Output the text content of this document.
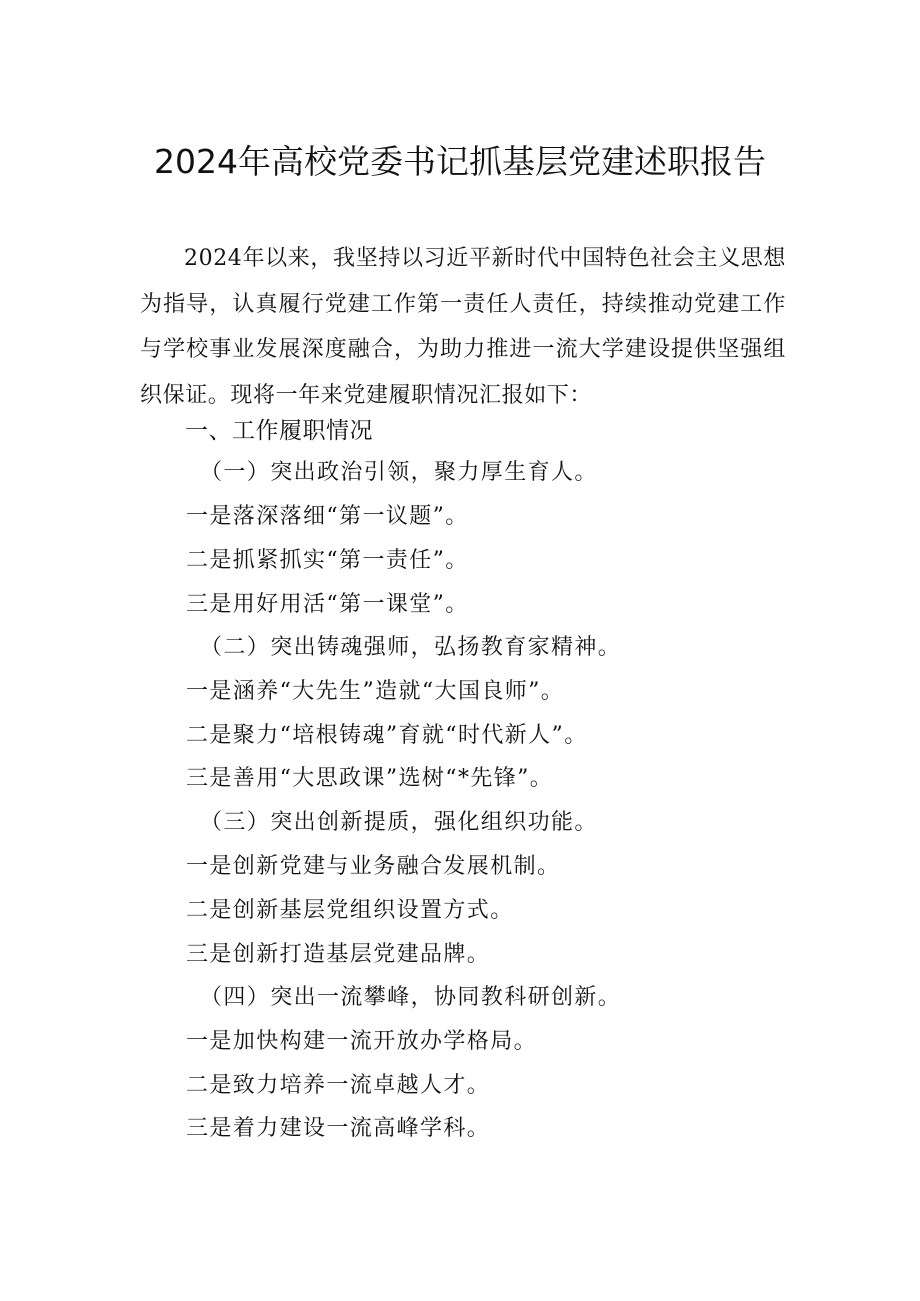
2024年高校党委书记抓基层党建述职报告
2024年以来，我坚持以习近平新时代中国特色社会主义思想为指导，认真履行党建工作第一责任人责任，持续推动党建工作与学校事业发展深度融合，为助力推进一流大学建设提供坚强组织保证。现将一年来党建履职情况汇报如下：
一、工作履职情况
（一）突出政治引领，聚力厚生育人。
一是落深落细“第一议题”。
二是抓紧抓实“第一责任”。
三是用好用活“第一课堂”。
（二）突出铸魂强师，弘扬教育家精神。
一是涵养“大先生”造就“大国良师”。
二是聚力“培根铸魂”育就“时代新人”。
三是善用“大思政课”选树“*先锋”。
（三）突出创新提质，强化组织功能。
一是创新党建与业务融合发展机制。
二是创新基层党组织设置方式。
三是创新打造基层党建品牌。
（四）突出一流攀峰，协同教科研创新。
一是加快构建一流开放办学格局。
二是致力培养一流卓越人才。
三是着力建设一流高峰学科。
